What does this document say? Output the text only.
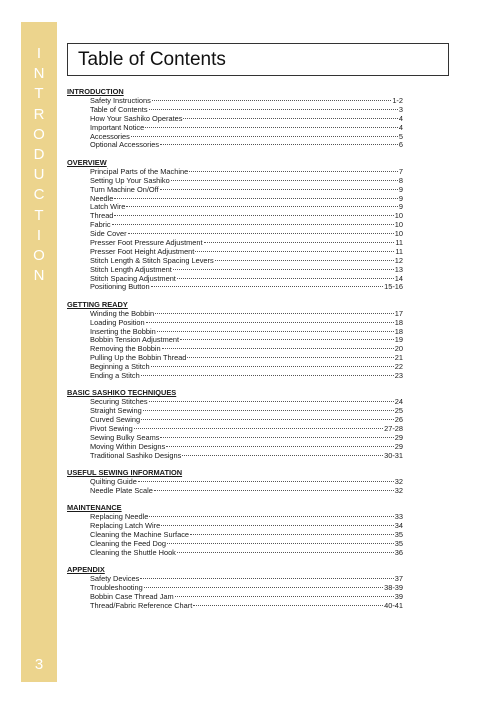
I
N
T
R
O
D
U
C
T
I
O
N
3
Table of Contents
INTRODUCTION
Safety Instructions	1-2
Table of Contents	3
How Your Sashiko Operates	4
Important Notice	4
Accessories	5
Optional Accessories	6
OVERVIEW
Principal Parts of the Machine	7
Setting Up Your Sashiko	8
Turn Machine On/Off	9
Needle	9
Latch Wire	9
Thread	10
Fabric	10
Side Cover	10
Presser Foot Pressure Adjustment	11
Presser Foot Height Adjustment	11
Stitch Length & Stitch Spacing Levers	12
Stitch Length Adjustment	13
Stitch Spacing Adjustment	14
Positioning Button	15-16
GETTING READY
Winding the Bobbin	17
Loading Position	18
Inserting the Bobbin	18
Bobbin Tension Adjustment	19
Removing the Bobbin	20
Pulling Up the Bobbin Thread	21
Beginning a Stitch	22
Ending a Stitch	23
BASIC SASHIKO TECHNIQUES
Securing Stitches	24
Straight Sewing	25
Curved Sewing	26
Pivot Sewing	27-28
Sewing Bulky Seams	29
Moving Within Designs	29
Traditional Sashiko Designs	30-31
USEFUL SEWING INFORMATION
Quilting Guide	32
Needle Plate Scale	32
MAINTENANCE
Replacing Needle	33
Replacing Latch Wire	34
Cleaning the Machine Surface	35
Cleaning the Feed Dog	35
Cleaning the Shuttle Hook	36
APPENDIX
Safety Devices	37
Troubleshooting	38-39
Bobbin Case Thread Jam	39
Thread/Fabric Reference Chart	40-41
